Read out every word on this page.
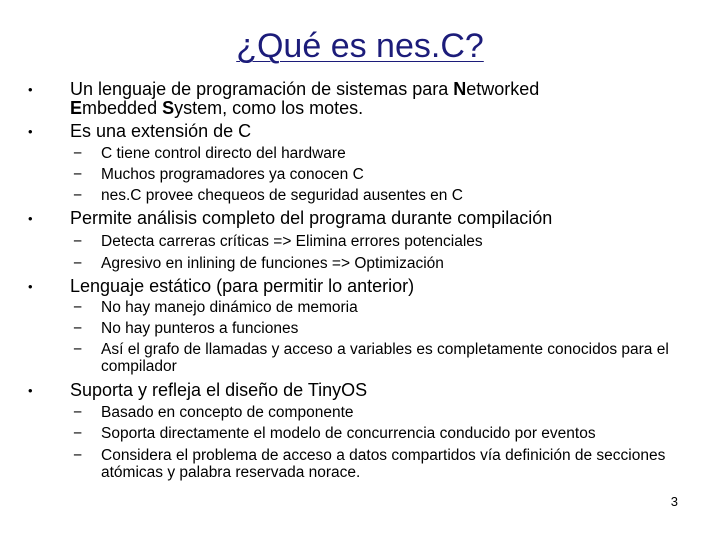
¿Qué es nes.C?
• Un lenguaje de programación de sistemas para Networked
Embedded System, como los motes.
• Es una extensión de C
− C tiene control directo del hardware
− Muchos programadores ya conocen C
− nes.C provee chequeos de seguridad ausentes en C
• Permite análisis completo del programa durante compilación
− Detecta carreras críticas => Elimina errores potenciales
− Agresivo en inlining de funciones => Optimización
• Lenguaje estático (para permitir lo anterior)
− No hay manejo dinámico de memoria
− No hay punteros a funciones
− Así el grafo de llamadas y acceso a variables es completamente conocidos para el compilador
• Suporta y refleja el diseño de TinyOS
− Basado en concepto de componente
− Soporta directamente el modelo de concurrencia conducido por eventos
− Considera el problema de acceso a datos compartidos vía definición de secciones atómicas y palabra reservada norace.
3
